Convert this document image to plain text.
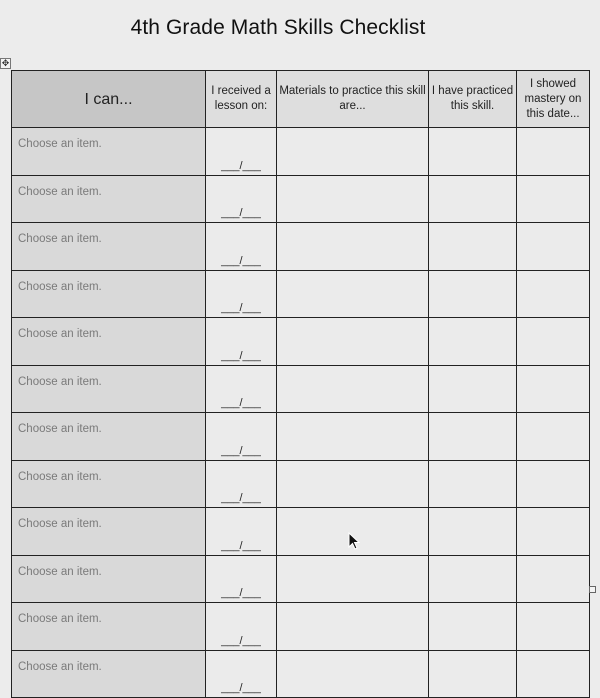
4th Grade Math Skills Checklist
✥
I can...	I received a lesson on:	Materials to practice this skill are...	I have practiced this skill.	I showed mastery on this date...
Choose an item.	___/___			
Choose an item.	___/___			
Choose an item.	___/___			
Choose an item.	___/___			
Choose an item.	___/___			
Choose an item.	___/___			
Choose an item.	___/___			
Choose an item.	___/___			
Choose an item.	___/___			
Choose an item.	___/___			
Choose an item.	___/___			
Choose an item.	___/___			
